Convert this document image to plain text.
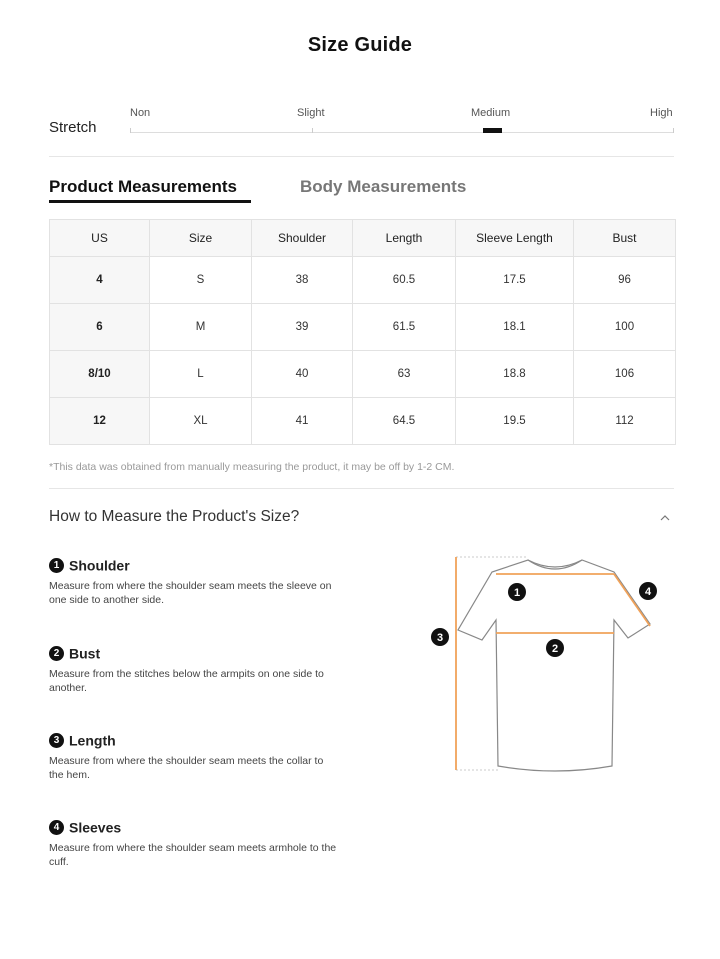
Size Guide
Stretch
Non	Slight	Medium	High
Product Measurements	Body Measurements
US	Size	Shoulder	Length	Sleeve Length	Bust
4	S	38	60.5	17.5	96
6	M	39	61.5	18.1	100
8/10	L	40	63	18.8	106
12	XL	41	64.5	19.5	112
*This data was obtained from manually measuring the product, it may be off by 1-2 CM.
How to Measure the Product's Size?
1 Shoulder
Measure from where the shoulder seam meets the sleeve on one side to another side.
2 Bust
Measure from the stitches below the armpits on one side to another.
3 Length
Measure from where the shoulder seam meets the collar to the hem.
4 Sleeves
Measure from where the shoulder seam meets armhole to the cuff.
1
2
3
4
